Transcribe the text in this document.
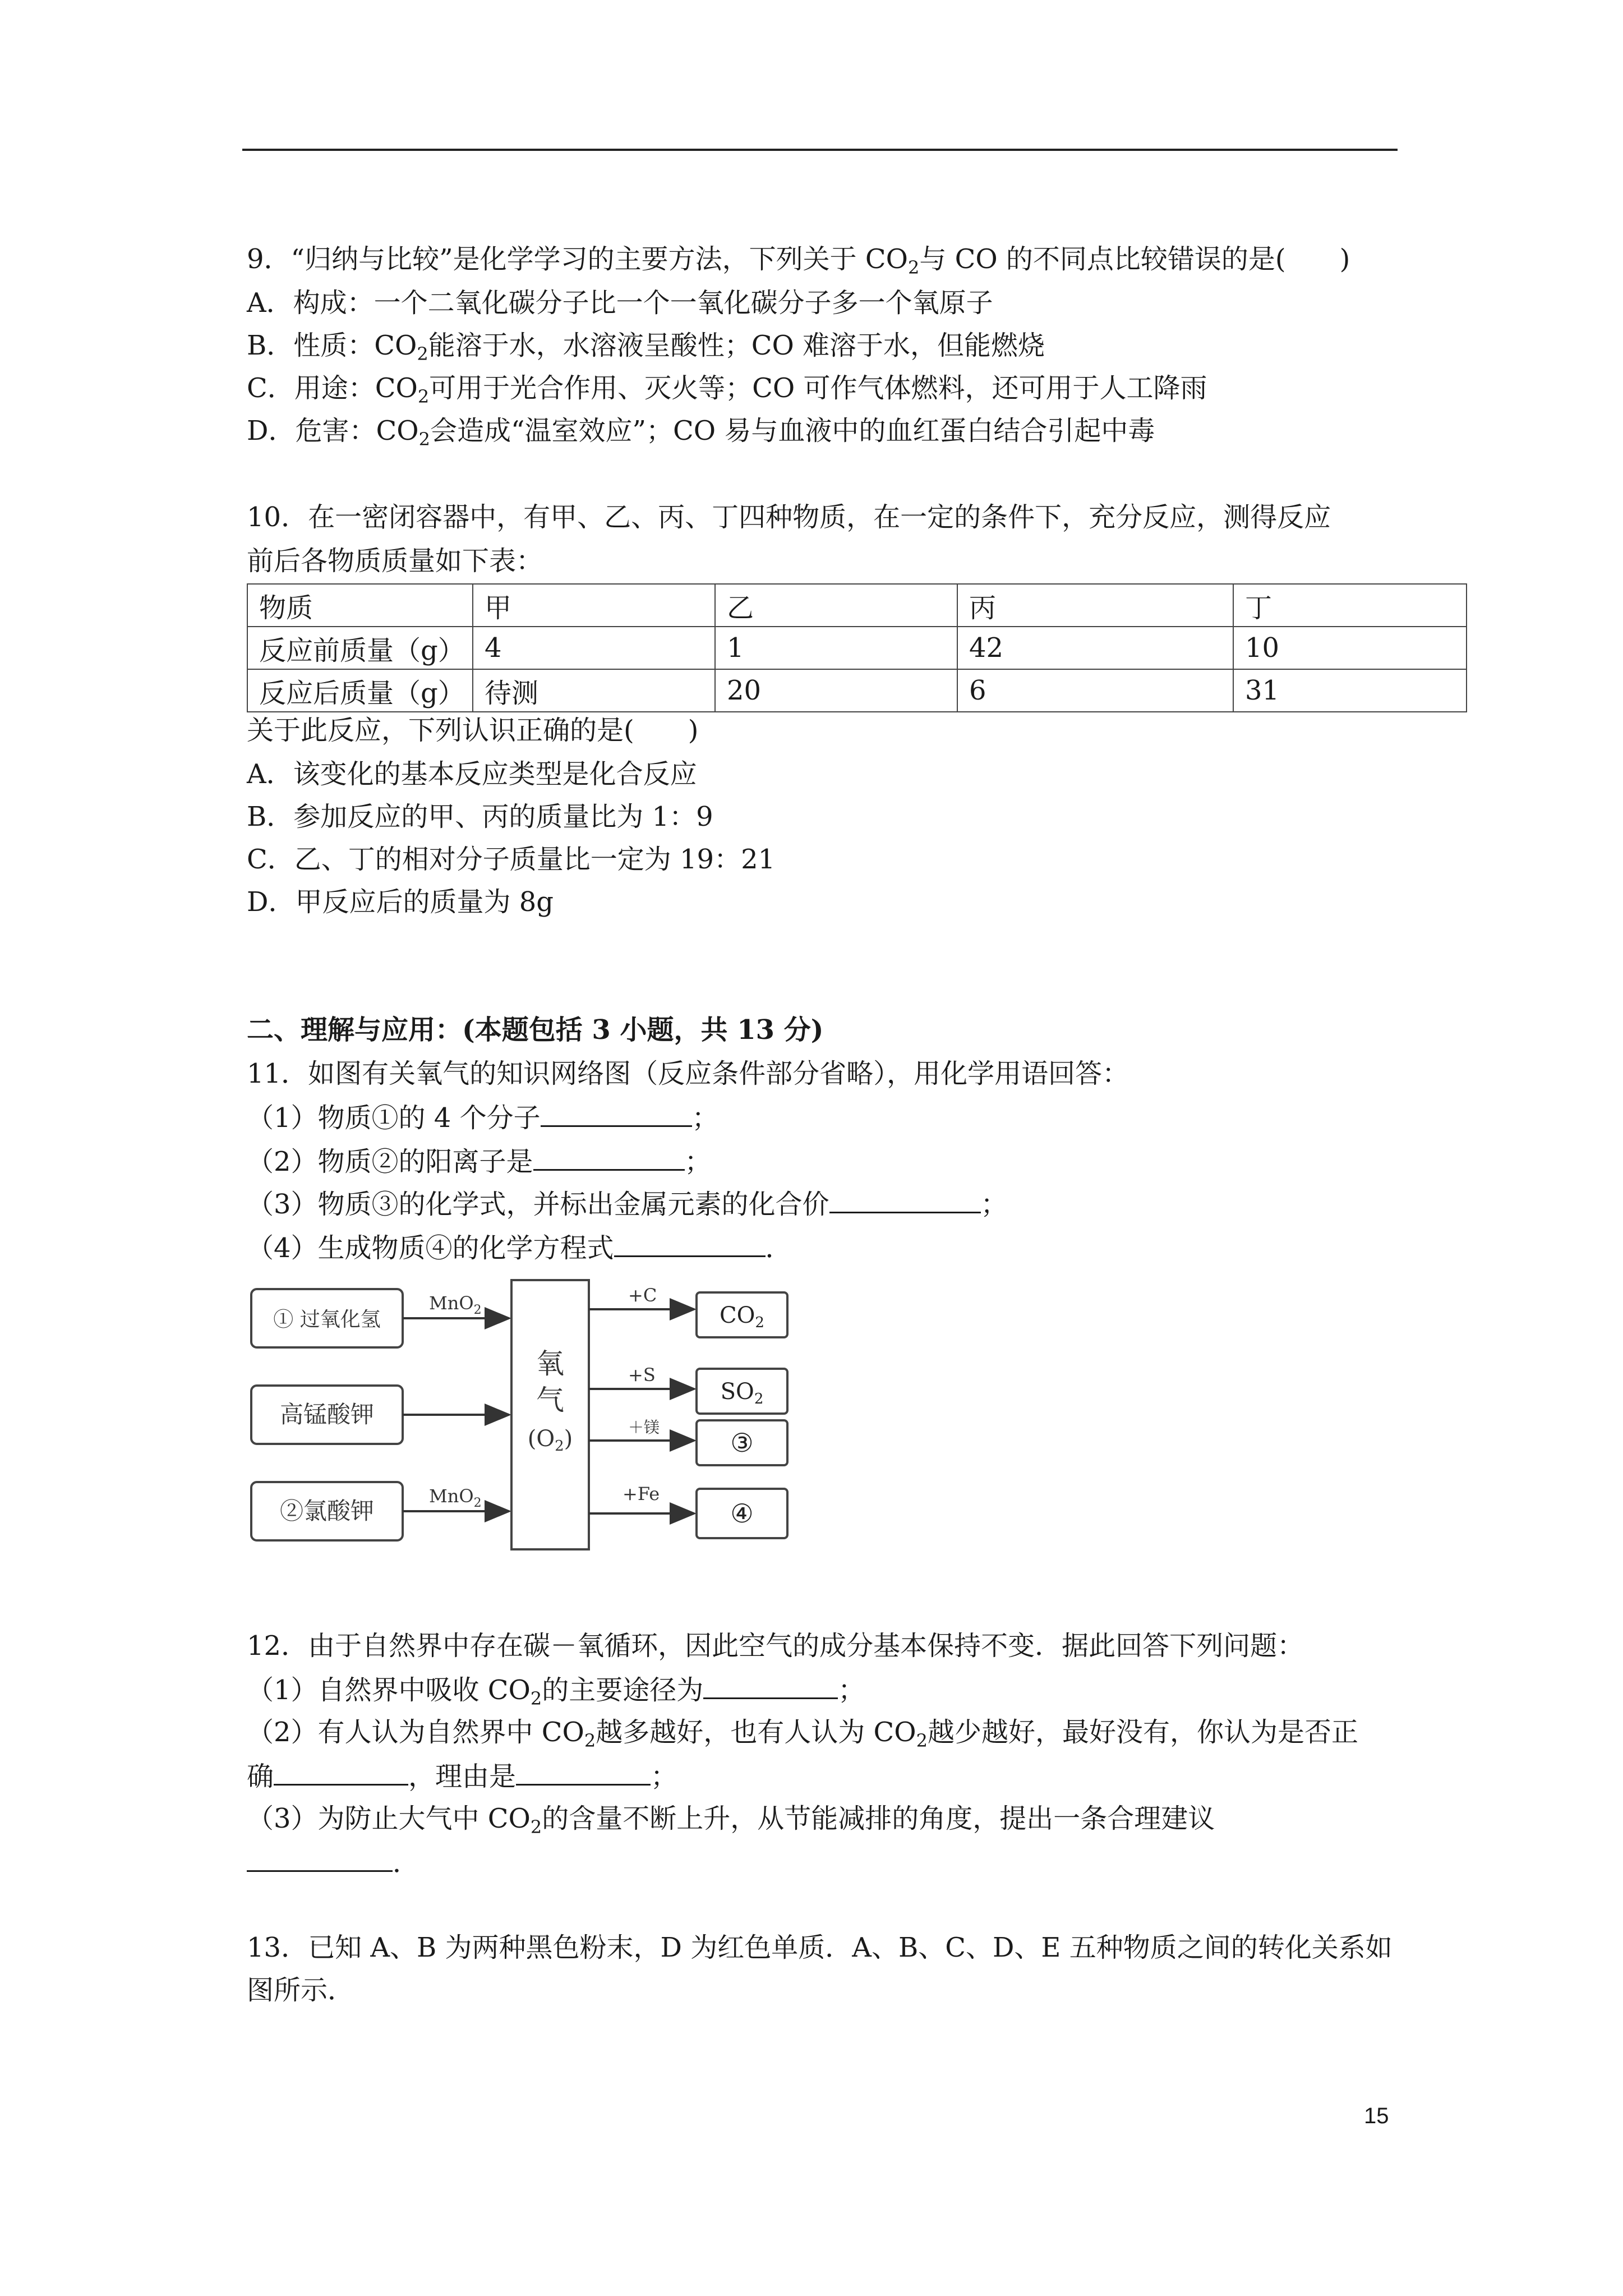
9．“归纳与比较”是化学学习的主要方法，下列关于 $CO_2$与 CO 的不同点比较错误的是(　　)
A．构成：一个二氧化碳分子比一个一氧化碳分子多一个氧原子
B．性质：$CO_2$能溶于水，水溶液呈酸性；CO 难溶于水，但能燃烧
C．用途：$CO_2$可用于光合作用、灭火等；CO 可作气体燃料，还可用于人工降雨
D．危害：$CO_2$会造成“温室效应”；CO 易与血液中的血红蛋白结合引起中毒
10．在一密闭容器中，有甲、乙、丙、丁四种物质，在一定的条件下，充分反应，测得反应
前后各物质质量如下表：
物质	甲	乙	丙	丁
反应前质量（g）	4	1	42	10
反应后质量（g）	待测	20	6	31
关于此反应，下列认识正确的是(　　)
A．该变化的基本反应类型是化合反应
B．参加反应的甲、丙的质量比为 1：9
C．乙、丁的相对分子质量比一定为 19：21
D．甲反应后的质量为 8g
二、理解与应用：(本题包括 3 小题，共 13 分)
11．如图有关氧气的知识网络图（反应条件部分省略），用化学用语回答：
（1）物质①的 4 个分子	；
（2）物质②的阳离子是	；
（3）物质③的化学式，并标出金属元素的化合价	；
（4）生成物质④的化学方程式	．
① 过氧化氢
高锰酸钾
②氯酸钾
MnO$_2$
MnO$_2$
氧
气
$(O_2)$
+C
+S
＋镁
+Fe
$CO_2$
$SO_2$
③
④
12．由于自然界中存在碳－氧循环，因此空气的成分基本保持不变．据此回答下列问题：
（1）自然界中吸收 $CO_2$的主要途径为	；
（2）有人认为自然界中 $CO_2$越多越好，也有人认为 $CO_2$越少越好，最好没有，你认为是否正
确	，理由是	；
（3）为防止大气中 $CO_2$的含量不断上升，从节能减排的角度，提出一条合理建议
．
13．已知 A、B 为两种黑色粉末，D 为红色单质．A、B、C、D、E 五种物质之间的转化关系如
图所示．
15
